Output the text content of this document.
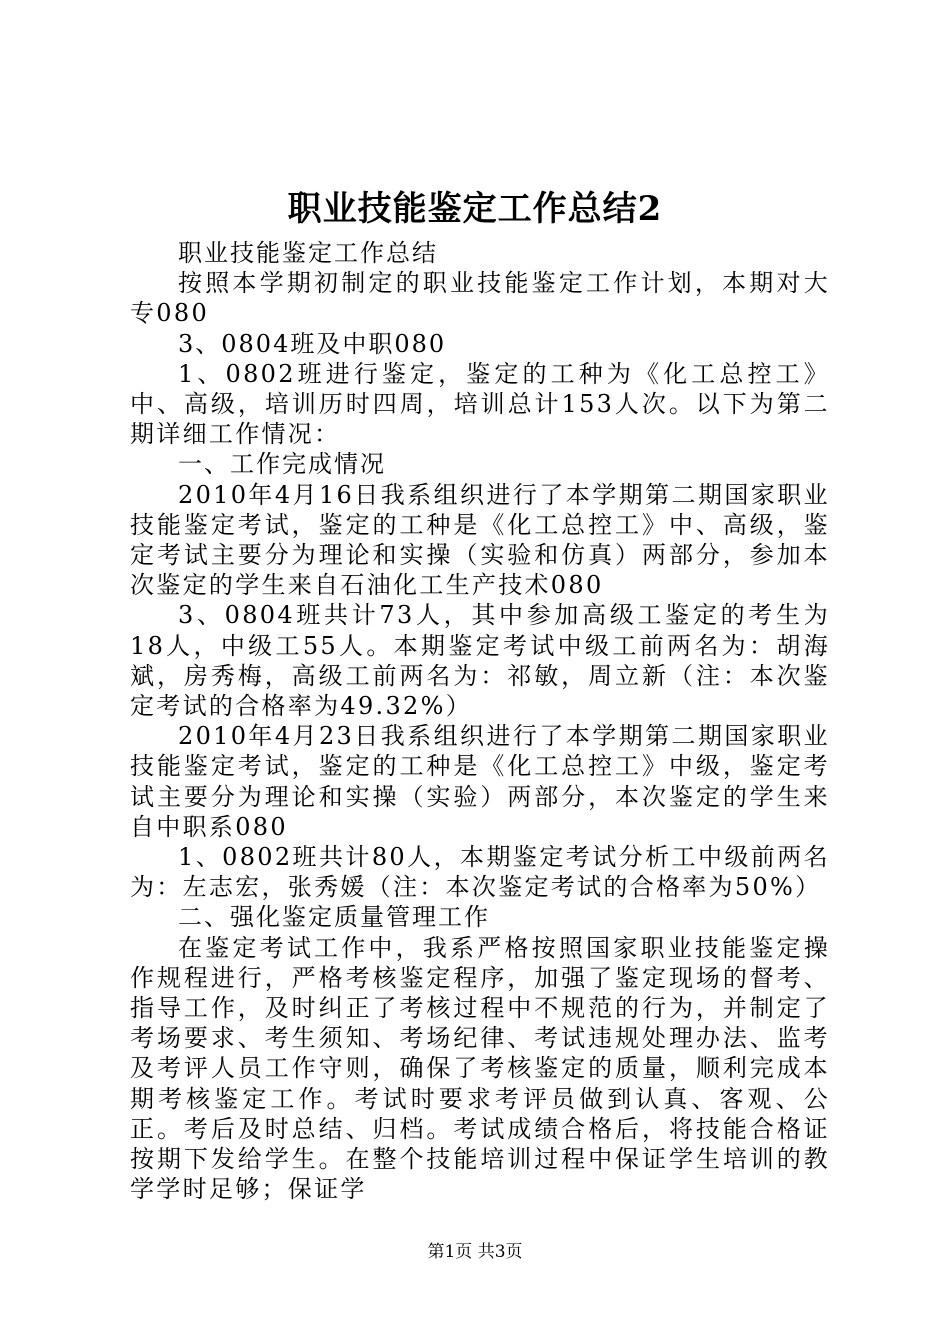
职业技能鉴定工作总结2

职业技能鉴定工作总结

按照本学期初制定的职业技能鉴定工作计划，本期对大专080

3、0804班及中职080

1、0802班进行鉴定，鉴定的工种为《化工总控工》中、高级，培训历时四周，培训总计153人次。以下为第二期详细工作情况：

一、工作完成情况

2010年4月16日我系组织进行了本学期第二期国家职业技能鉴定考试，鉴定的工种是《化工总控工》中、高级，鉴定考试主要分为理论和实操（实验和仿真）两部分，参加本次鉴定的学生来自石油化工生产技术080

3、0804班共计73人，其中参加高级工鉴定的考生为18人，中级工55人。本期鉴定考试中级工前两名为：胡海斌，房秀梅，高级工前两名为：祁敏，周立新（注：本次鉴定考试的合格率为49.32%）

2010年4月23日我系组织进行了本学期第二期国家职业技能鉴定考试，鉴定的工种是《化工总控工》中级，鉴定考试主要分为理论和实操（实验）两部分，本次鉴定的学生来自中职系080

1、0802班共计80人，本期鉴定考试分析工中级前两名为：左志宏，张秀媛（注：本次鉴定考试的合格率为50%）

二、强化鉴定质量管理工作

在鉴定考试工作中，我系严格按照国家职业技能鉴定操作规程进行，严格考核鉴定程序，加强了鉴定现场的督考、指导工作，及时纠正了考核过程中不规范的行为，并制定了考场要求、考生须知、考场纪律、考试违规处理办法、监考及考评人员工作守则，确保了考核鉴定的质量，顺利完成本期考核鉴定工作。考试时要求考评员做到认真、客观、公正。考后及时总结、归档。考试成绩合格后，将技能合格证按期下发给学生。在整个技能培训过程中保证学生培训的教学学时足够；保证学

第1页 共3页
